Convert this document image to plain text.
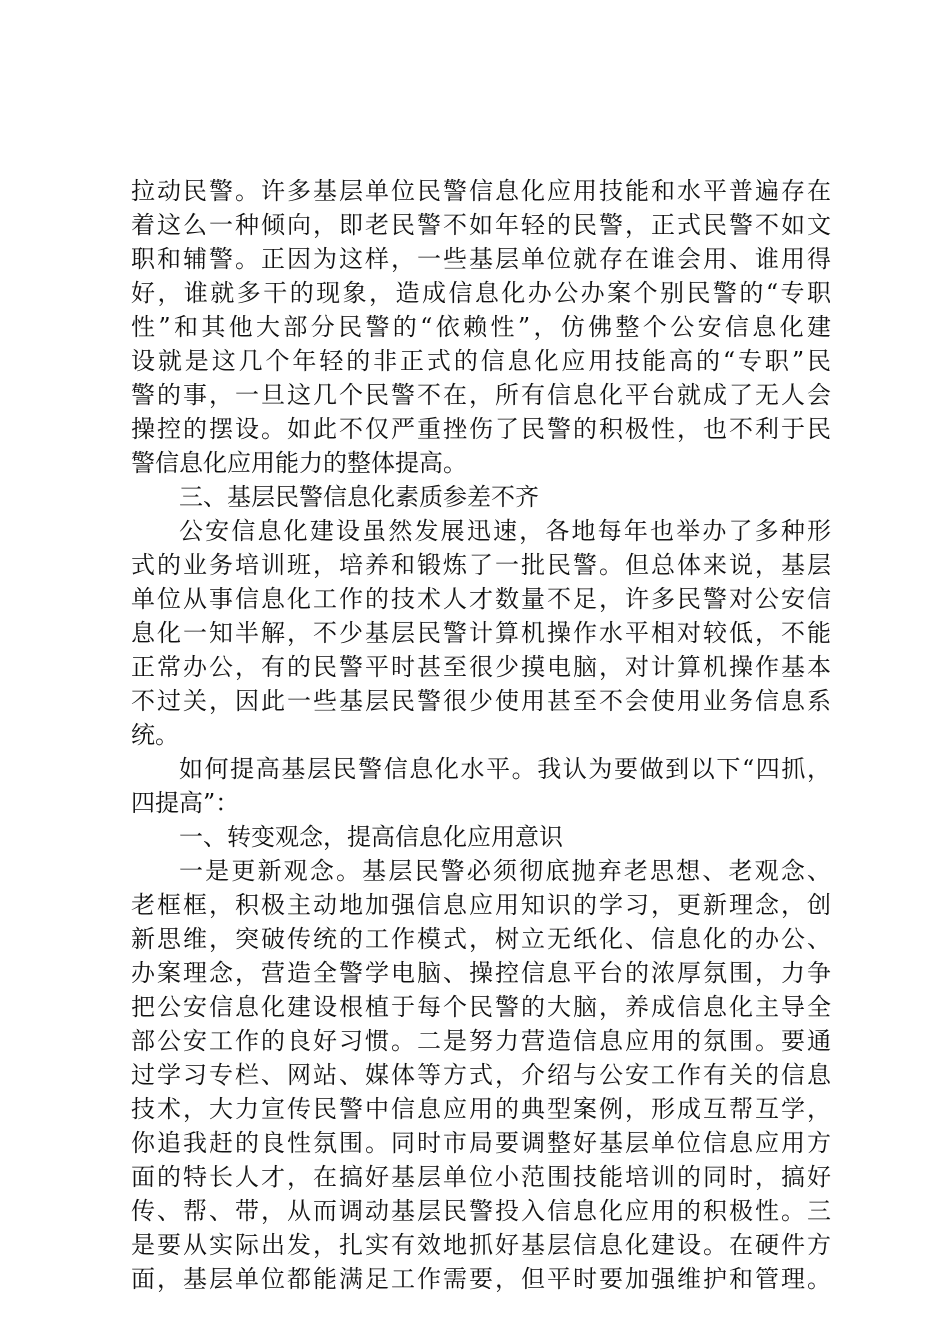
拉动民警。许多基层单位民警信息化应用技能和水平普遍存在
着这么一种倾向，即老民警不如年轻的民警，正式民警不如文
职和辅警。正因为这样，一些基层单位就存在谁会用、谁用得
好，谁就多干的现象，造成信息化办公办案个别民警的“专职
性”和其他大部分民警的“依赖性”，仿佛整个公安信息化建
设就是这几个年轻的非正式的信息化应用技能高的“专职”民
警的事，一旦这几个民警不在，所有信息化平台就成了无人会
操控的摆设。如此不仅严重挫伤了民警的积极性，也不利于民
警信息化应用能力的整体提高。
三、基层民警信息化素质参差不齐
公安信息化建设虽然发展迅速，各地每年也举办了多种形
式的业务培训班，培养和锻炼了一批民警。但总体来说，基层
单位从事信息化工作的技术人才数量不足，许多民警对公安信
息化一知半解，不少基层民警计算机操作水平相对较低，不能
正常办公，有的民警平时甚至很少摸电脑，对计算机操作基本
不过关，因此一些基层民警很少使用甚至不会使用业务信息系
统。
如何提高基层民警信息化水平。我认为要做到以下“四抓，
四提高”：
一、转变观念，提高信息化应用意识
一是更新观念。基层民警必须彻底抛弃老思想、老观念、
老框框，积极主动地加强信息应用知识的学习，更新理念，创
新思维，突破传统的工作模式，树立无纸化、信息化的办公、
办案理念，营造全警学电脑、操控信息平台的浓厚氛围，力争
把公安信息化建设根植于每个民警的大脑，养成信息化主导全
部公安工作的良好习惯。二是努力营造信息应用的氛围。要通
过学习专栏、网站、媒体等方式，介绍与公安工作有关的信息
技术，大力宣传民警中信息应用的典型案例，形成互帮互学，
你追我赶的良性氛围。同时市局要调整好基层单位信息应用方
面的特长人才，在搞好基层单位小范围技能培训的同时，搞好
传、帮、带，从而调动基层民警投入信息化应用的积极性。三
是要从实际出发，扎实有效地抓好基层信息化建设。在硬件方
面，基层单位都能满足工作需要，但平时要加强维护和管理。
